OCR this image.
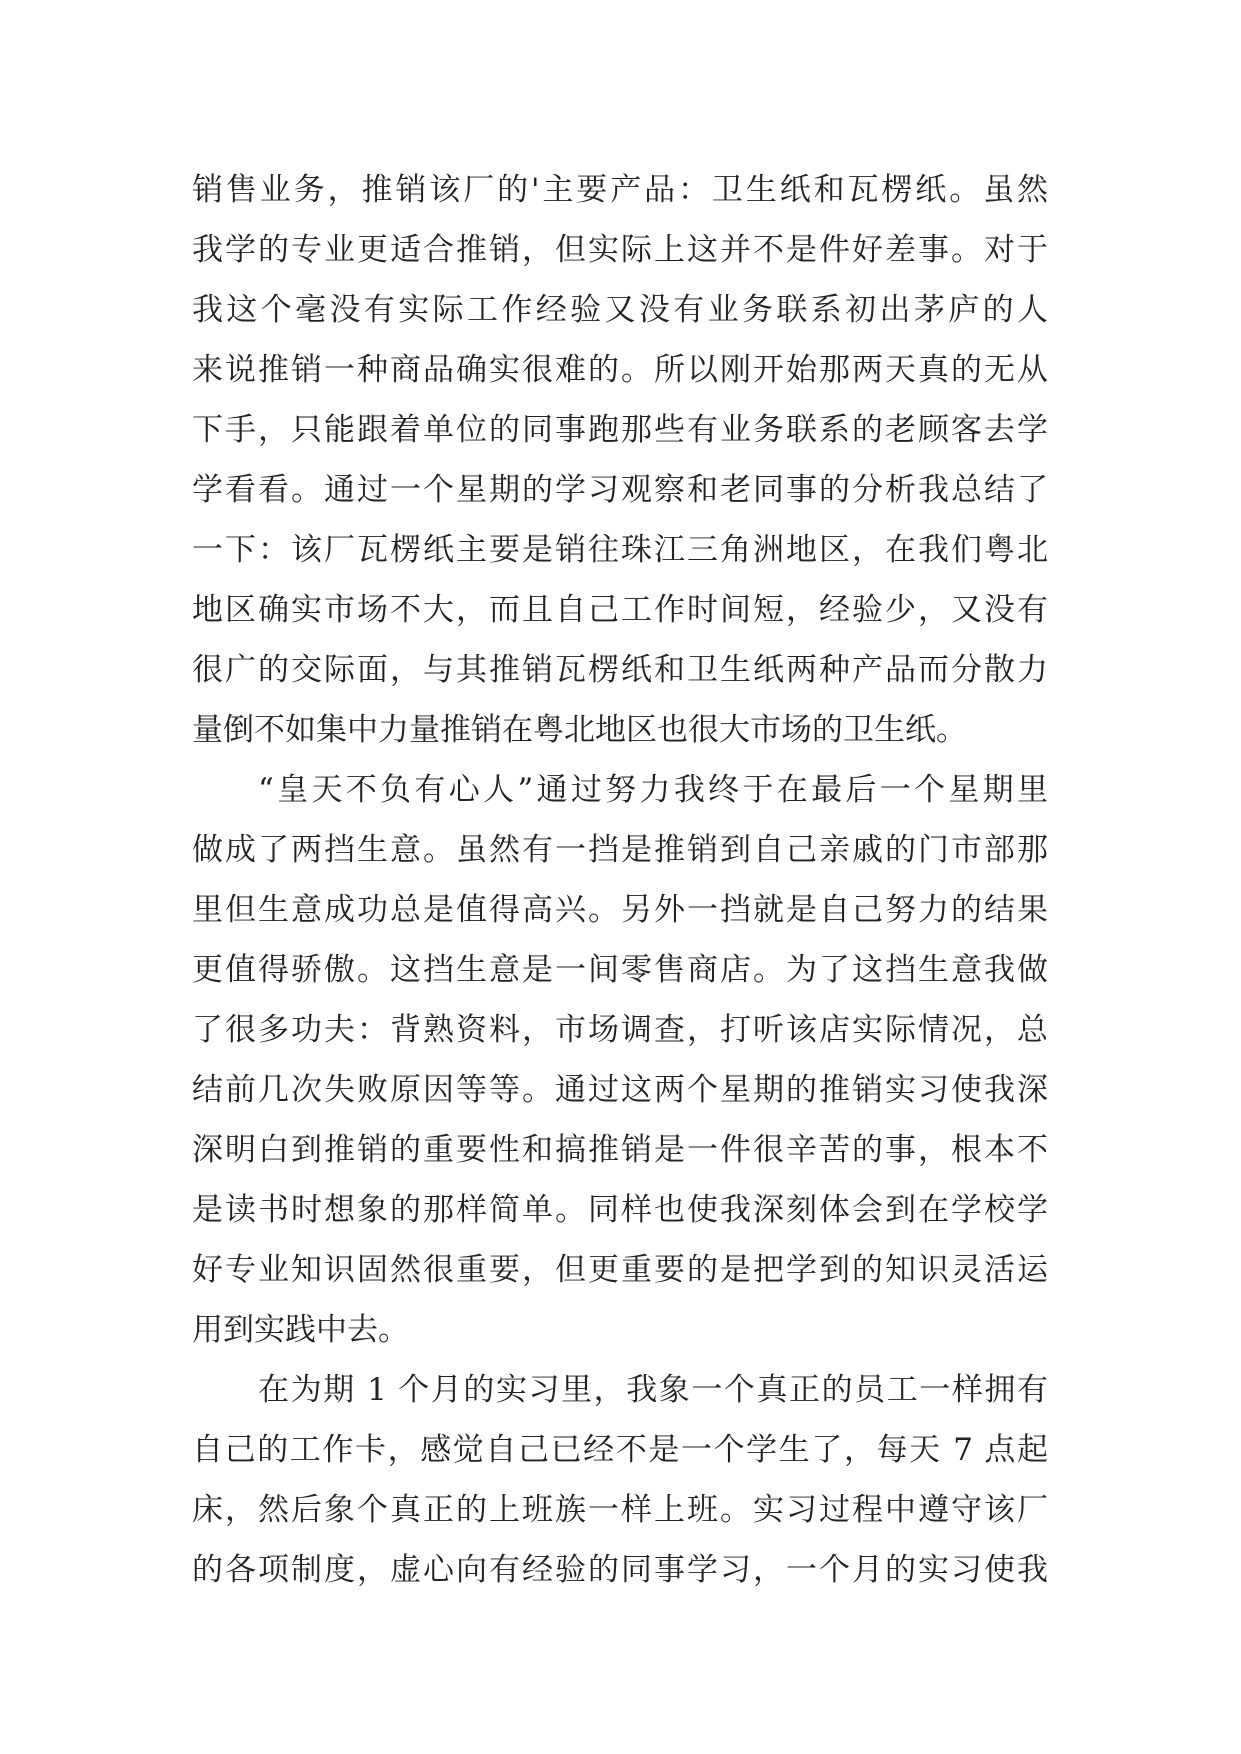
销售业务，推销该厂的'主要产品：卫生纸和瓦楞纸。虽然
我学的专业更适合推销，但实际上这并不是件好差事。对于
我这个毫没有实际工作经验又没有业务联系初出茅庐的人
来说推销一种商品确实很难的。所以刚开始那两天真的无从
下手，只能跟着单位的同事跑那些有业务联系的老顾客去学
学看看。通过一个星期的学习观察和老同事的分析我总结了
一下：该厂瓦楞纸主要是销往珠江三角洲地区，在我们粤北
地区确实市场不大，而且自己工作时间短，经验少，又没有
很广的交际面，与其推销瓦楞纸和卫生纸两种产品而分散力
量倒不如集中力量推销在粤北地区也很大市场的卫生纸。
“皇天不负有心人”通过努力我终于在最后一个星期里
做成了两挡生意。虽然有一挡是推销到自己亲戚的门市部那
里但生意成功总是值得高兴。另外一挡就是自己努力的结果
更值得骄傲。这挡生意是一间零售商店。为了这挡生意我做
了很多功夫：背熟资料，市场调查，打听该店实际情况，总
结前几次失败原因等等。通过这两个星期的推销实习使我深
深明白到推销的重要性和搞推销是一件很辛苦的事，根本不
是读书时想象的那样简单。同样也使我深刻体会到在学校学
好专业知识固然很重要，但更重要的是把学到的知识灵活运
用到实践中去。
在为期 1 个月的实习里，我象一个真正的员工一样拥有
自己的工作卡，感觉自己已经不是一个学生了，每天 7 点起
床，然后象个真正的上班族一样上班。实习过程中遵守该厂
的各项制度，虚心向有经验的同事学习，一个月的实习使我
